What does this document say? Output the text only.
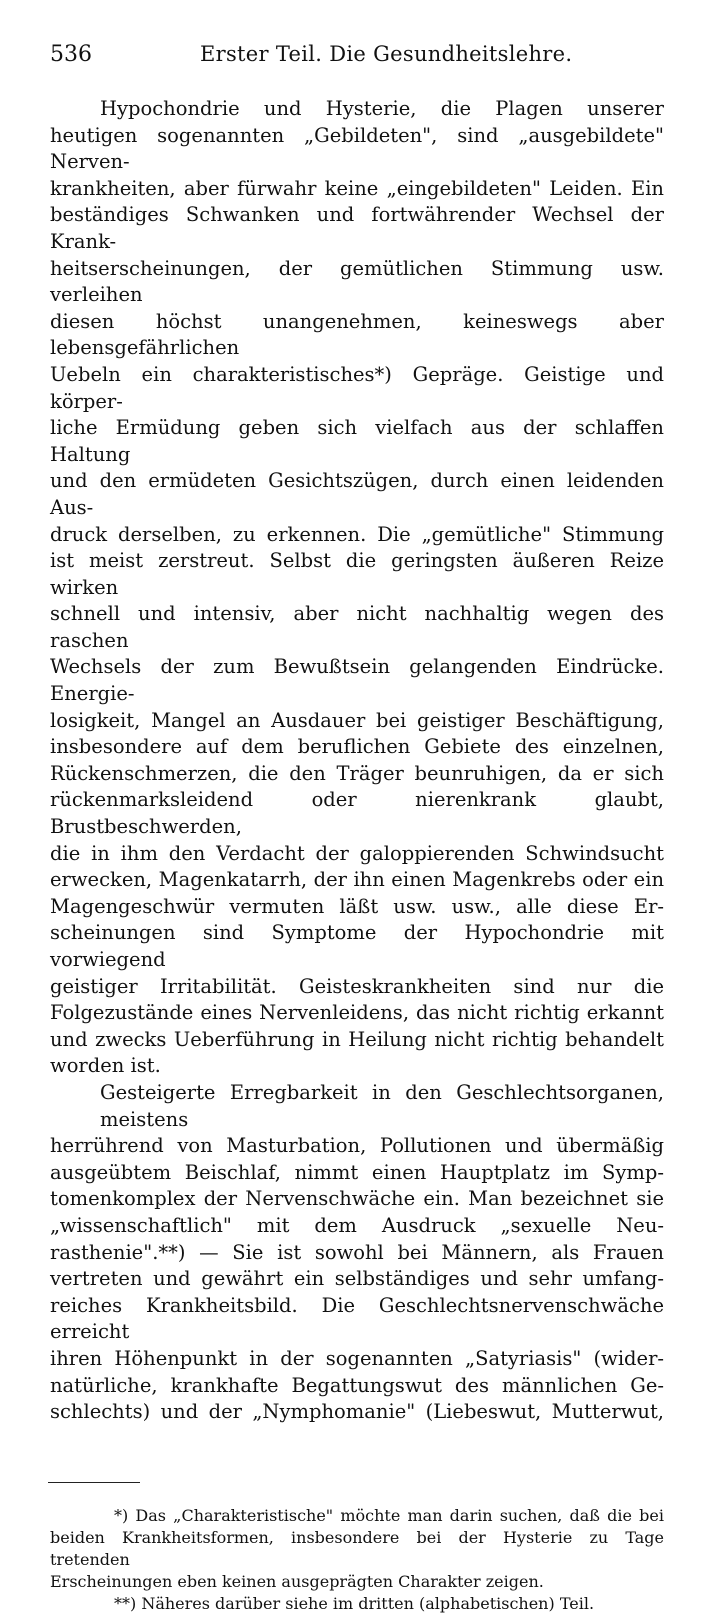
536	Erster Teil. Die Gesundheitslehre.

Hypochondrie und Hysterie, die Plagen unserer
heutigen sogenannten „Gebildeten", sind „ausgebildete" Nerven-
krankheiten, aber fürwahr keine „eingebildeten" Leiden. Ein
beständiges Schwanken und fortwährender Wechsel der Krank-
heitserscheinungen, der gemütlichen Stimmung usw. verleihen
diesen höchst unangenehmen, keineswegs aber lebensgefährlichen
Uebeln ein charakteristisches*) Gepräge. Geistige und körper-
liche Ermüdung geben sich vielfach aus der schlaffen Haltung
und den ermüdeten Gesichtszügen, durch einen leidenden Aus-
druck derselben, zu erkennen. Die „gemütliche" Stimmung
ist meist zerstreut. Selbst die geringsten äußeren Reize wirken
schnell und intensiv, aber nicht nachhaltig wegen des raschen
Wechsels der zum Bewußtsein gelangenden Eindrücke. Energie-
losigkeit, Mangel an Ausdauer bei geistiger Beschäftigung,
insbesondere auf dem beruflichen Gebiete des einzelnen,
Rückenschmerzen, die den Träger beunruhigen, da er sich
rückenmarksleidend oder nierenkrank glaubt, Brustbeschwerden,
die in ihm den Verdacht der galoppierenden Schwindsucht
erwecken, Magenkatarrh, der ihn einen Magenkrebs oder ein
Magengeschwür vermuten läßt usw. usw., alle diese Er-
scheinungen sind Symptome der Hypochondrie mit vorwiegend
geistiger Irritabilität. Geisteskrankheiten sind nur die
Folgezustände eines Nervenleidens, das nicht richtig erkannt
und zwecks Ueberführung in Heilung nicht richtig behandelt
worden ist.

Gesteigerte Erregbarkeit in den Geschlechtsorganen, meistens
herrührend von Masturbation, Pollutionen und übermäßig
ausgeübtem Beischlaf, nimmt einen Hauptplatz im Symp-
tomenkomplex der Nervenschwäche ein. Man bezeichnet sie
„wissenschaftlich" mit dem Ausdruck „sexuelle Neu-
rasthenie".**) — Sie ist sowohl bei Männern, als Frauen
vertreten und gewährt ein selbständiges und sehr umfang-
reiches Krankheitsbild. Die Geschlechtsnervenschwäche erreicht
ihren Höhenpunkt in der sogenannten „Satyriasis" (wider-
natürliche, krankhafte Begattungswut des männlichen Ge-
schlechts) und der „Nymphomanie" (Liebeswut, Mutterwut,

*) Das „Charakteristische" möchte man darin suchen, daß die bei
beiden Krankheitsformen, insbesondere bei der Hysterie zu Tage tretenden
Erscheinungen eben keinen ausgeprägten Charakter zeigen.

**) Näheres darüber siehe im dritten (alphabetischen) Teil.
